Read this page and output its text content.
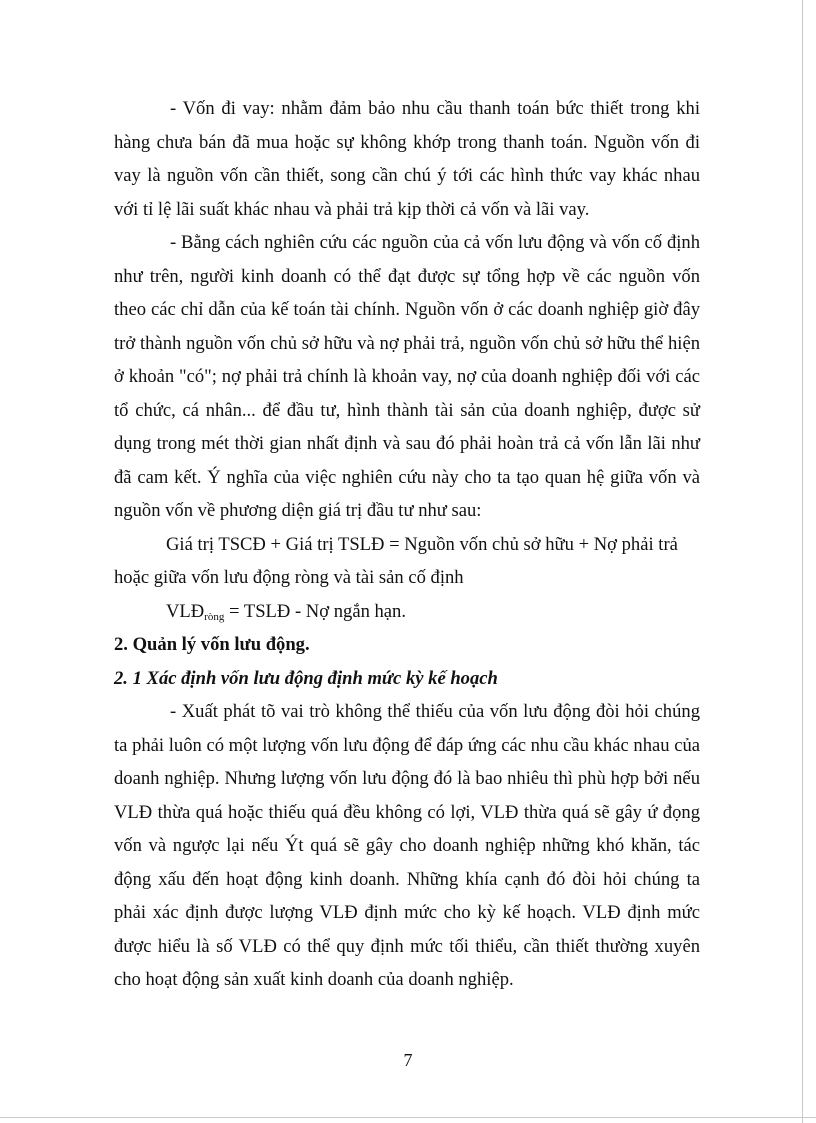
- Vốn đi vay: nhằm đảm bảo nhu cầu thanh toán bức thiết trong khi hàng chưa bán đã mua hoặc sự không khớp trong thanh toán. Nguồn vốn đi vay là nguồn vốn cần thiết, song cần chú ý tới các hình thức vay khác nhau với tỉ lệ lãi suất khác nhau và phải trả kịp thời cả vốn và lãi vay.

- Bằng cách nghiên cứu các nguồn của cả vốn lưu động và vốn cố định như trên, người kinh doanh có thể đạt được sự tổng hợp về các nguồn vốn theo các chỉ dẫn của kế toán tài chính. Nguồn vốn ở các doanh nghiệp giờ đây trở thành nguồn vốn chủ sở hữu và nợ phải trả, nguồn vốn chủ sở hữu thể hiện ở khoản "có"; nợ phải trả chính là khoản vay, nợ của doanh nghiệp đối với các tổ chức, cá nhân... để đầu tư, hình thành tài sản của doanh nghiệp, được sử dụng trong mét thời gian nhất định và sau đó phải hoàn trả cả vốn lẫn lãi như đã cam kết. Ý nghĩa của việc nghiên cứu này cho ta tạo quan hệ giữa vốn và nguồn vốn về phương diện giá trị đầu tư như sau:

Giá trị TSCĐ + Giá trị TSLĐ = Nguồn vốn chủ sở hữu + Nợ phải trả

hoặc giữa vốn lưu động ròng và tài sản cố định

$VLĐ_{ròng}$ = TSLĐ - Nợ ngắn hạn.

2. Quản lý vốn lưu động.

2. 1 Xác định vốn lưu động định mức kỳ kế hoạch

- Xuất phát tõ vai trò không thể thiếu của vốn lưu động đòi hỏi chúng ta phải luôn có một lượng vốn lưu động để đáp ứng các nhu cầu khác nhau của doanh nghiệp. Nhưng lượng vốn lưu động đó là bao nhiêu thì phù hợp bởi nếu VLĐ thừa quá hoặc thiếu quá đều không có lợi, VLĐ thừa quá sẽ gây ứ đọng vốn và ngược lại nếu Ýt quá sẽ gây cho doanh nghiệp những khó khăn, tác động xấu đến hoạt động kinh doanh. Những khía cạnh đó đòi hỏi chúng ta phải xác định được lượng VLĐ định mức cho kỳ kế hoạch. VLĐ định mức được hiểu là số VLĐ có thể quy định mức tối thiểu, cần thiết thường xuyên cho hoạt động sản xuất kinh doanh của doanh nghiệp.

7
